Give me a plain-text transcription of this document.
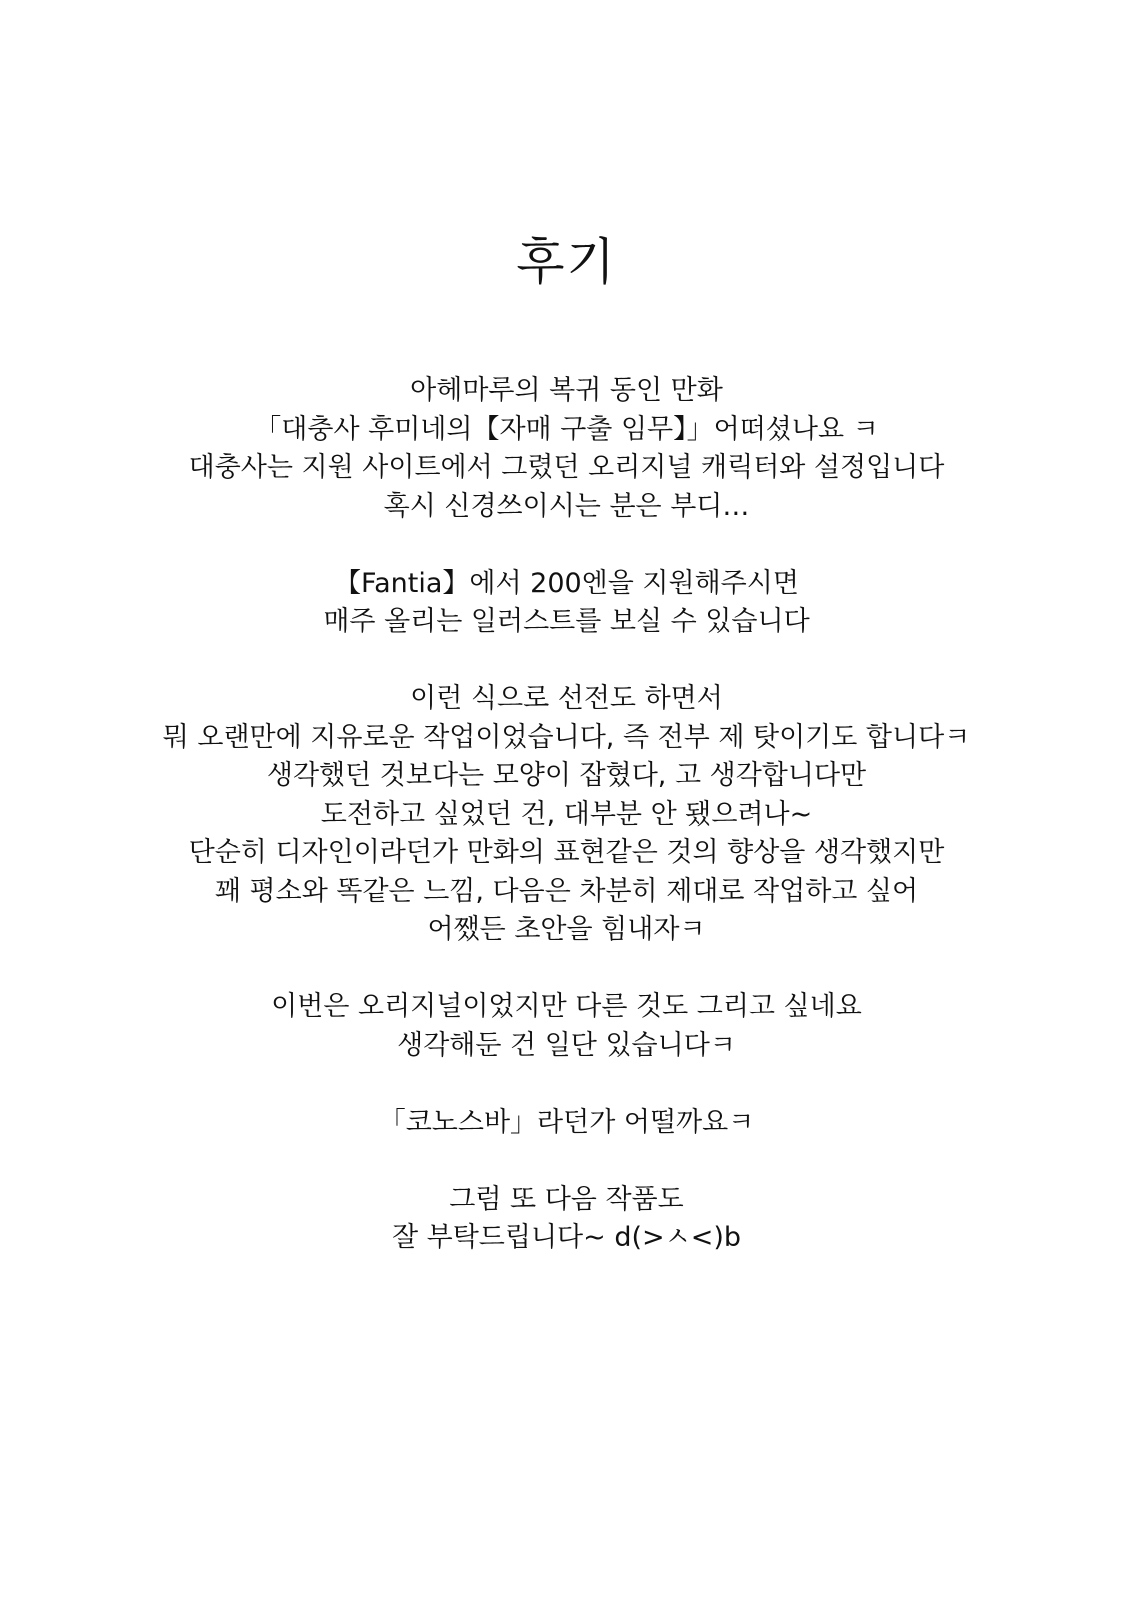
후기

아헤마루의 복귀 동인 만화
「대충사 후미네의【자매 구출 임무】」어떠셨나요 ㅋ
대충사는 지원 사이트에서 그렸던 오리지널 캐릭터와 설정입니다
혹시 신경쓰이시는 분은 부디…

【Fantia】에서 200엔을 지원해주시면
매주 올리는 일러스트를 보실 수 있습니다

이런 식으로 선전도 하면서
뭐 오랜만에 지유로운 작업이었습니다, 즉 전부 제 탓이기도 합니다ㅋ
생각했던 것보다는 모양이 잡혔다, 고 생각합니다만
도전하고 싶었던 건, 대부분 안 됐으려나~
단순히 디자인이라던가 만화의 표현같은 것의 향상을 생각했지만
꽤 평소와 똑같은 느낌, 다음은 차분히 제대로 작업하고 싶어
어쨌든 초안을 힘내자ㅋ

이번은 오리지널이었지만 다른 것도 그리고 싶네요
생각해둔 건 일단 있습니다ㅋ

「코노스바」라던가 어떨까요ㅋ

그럼 또 다음 작품도
잘 부탁드립니다~ d(>ㅅ<)b
